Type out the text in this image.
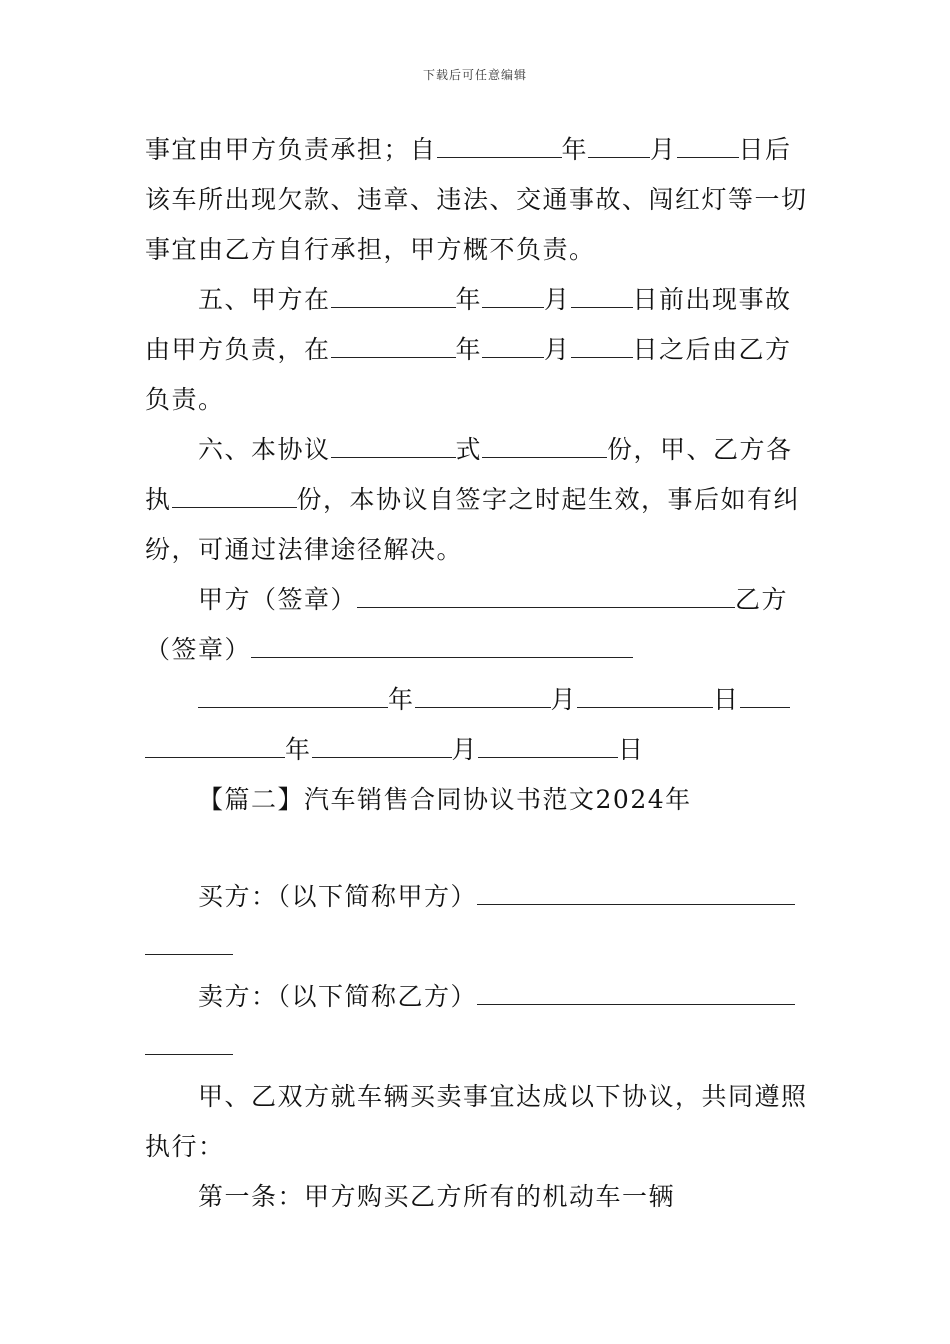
下载后可任意编辑
事宜由甲方负责承担；自	年 月 日后
该车所出现欠款、违章、违法、交通事故、闯红灯等一切
事宜由乙方自行承担，甲方概不负责。
五、甲方在	年 月 日前出现事故
由甲方负责，在	年 月 日之后由乙方
负责。
六、本协议	式	份，甲、乙方各
执	份，本协议自签字之时起生效，事后如有纠
纷，可通过法律途径解决。
甲方（签章）	乙方
（签章）
年	月	日
年	月	日
【篇二】汽车销售合同协议书范文2024年
买方：（以下简称甲方）
卖方：（以下简称乙方）
甲、乙双方就车辆买卖事宜达成以下协议，共同遵照
执行：
第一条：甲方购买乙方所有的机动车一辆
